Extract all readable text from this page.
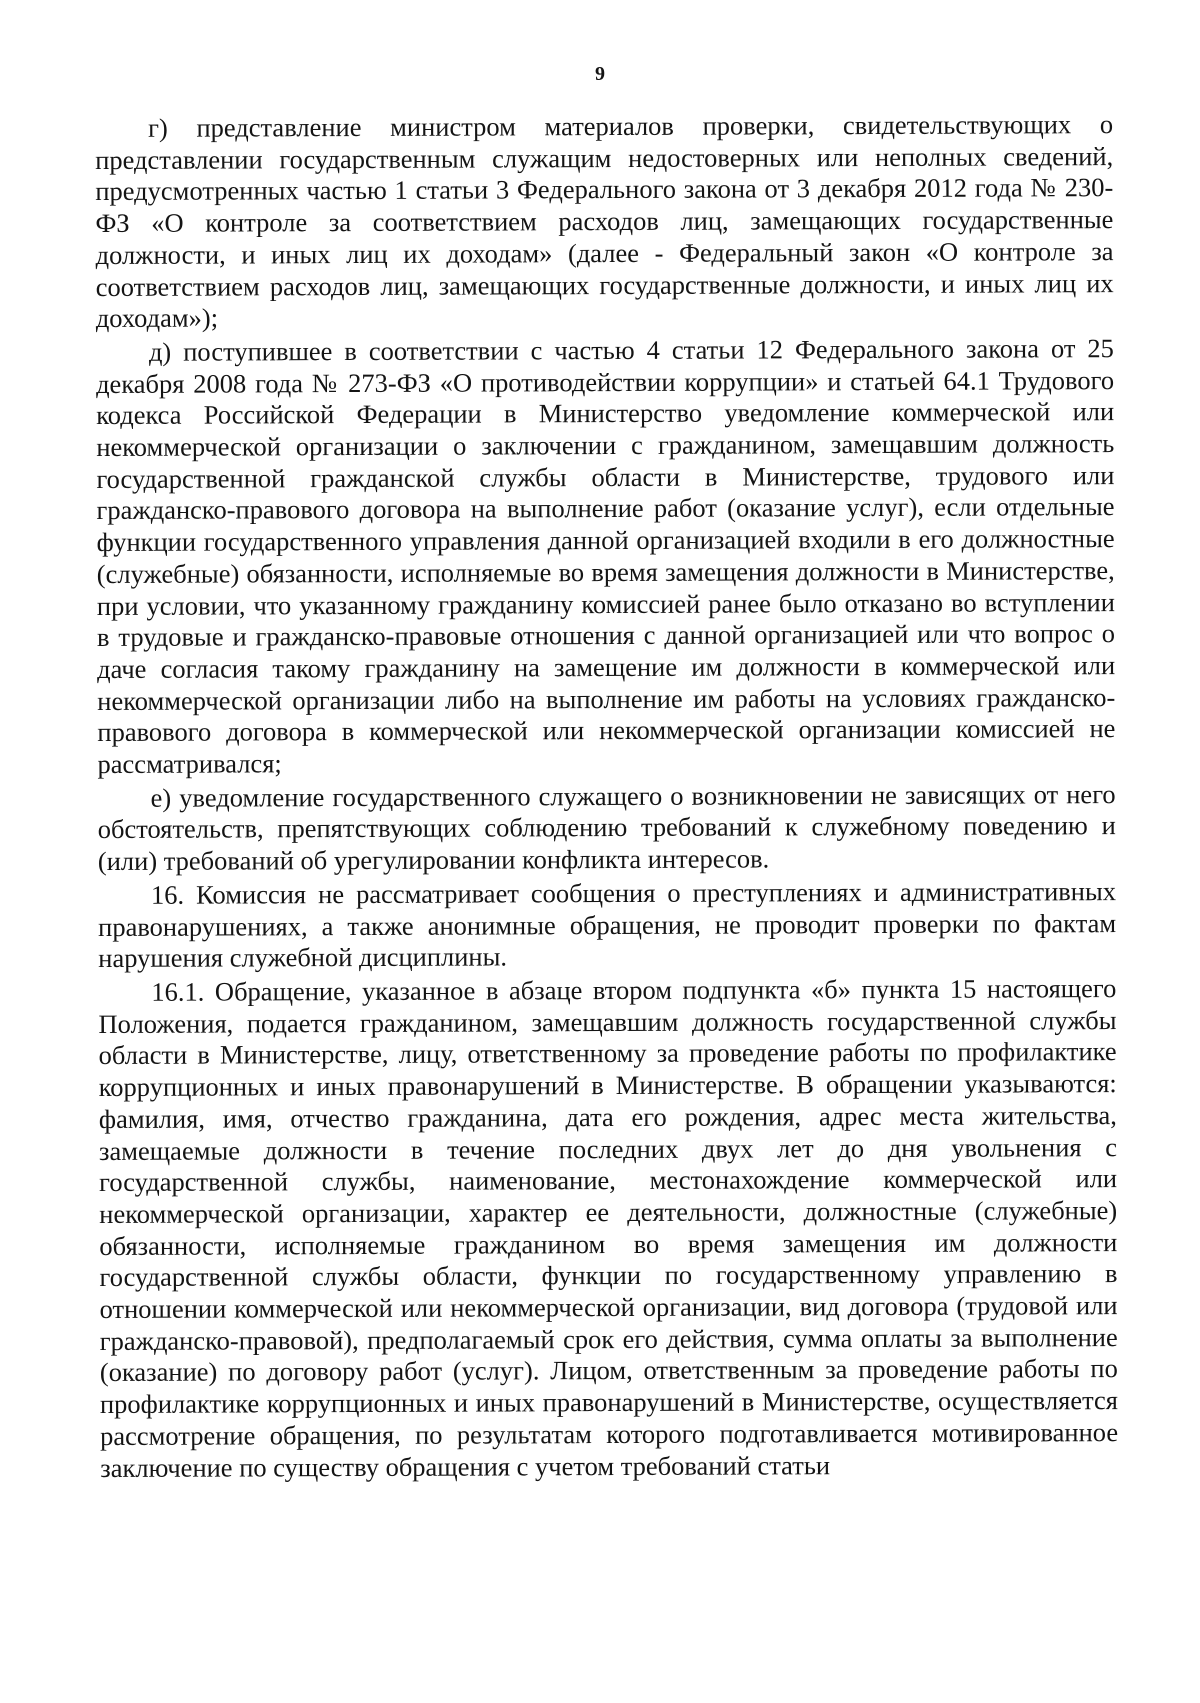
9

г) представление министром материалов проверки, свидетельствующих о представлении государственным служащим недостоверных или неполных сведений, предусмотренных частью 1 статьи 3 Федерального закона от 3 декабря 2012 года № 230-ФЗ «О контроле за соответствием расходов лиц, замещающих государственные должности, и иных лиц их доходам» (далее - Федеральный закон «О контроле за соответствием расходов лиц, замещающих государственные должности, и иных лиц их доходам»);

д) поступившее в соответствии с частью 4 статьи 12 Федерального закона от 25 декабря 2008 года № 273-ФЗ «О противодействии коррупции» и статьей 64.1 Трудового кодекса Российской Федерации в Министерство уведомление коммерческой или некоммерческой организации о заключении с гражданином, замещавшим должность государственной гражданской службы области в Министерстве, трудового или гражданско-правового договора на выполнение работ (оказание услуг), если отдельные функции государственного управления данной организацией входили в его должностные (служебные) обязанности, исполняемые во время замещения должности в Министерстве, при условии, что указанному гражданину комиссией ранее было отказано во вступлении в трудовые и гражданско-правовые отношения с данной организацией или что вопрос о даче согласия такому гражданину на замещение им должности в коммерческой или некоммерческой организации либо на выполнение им работы на условиях гражданско-правового договора в коммерческой или некоммерческой организации комиссией не рассматривался;

е) уведомление государственного служащего о возникновении не зависящих от него обстоятельств, препятствующих соблюдению требований к служебному поведению и (или) требований об урегулировании конфликта интересов.

16. Комиссия не рассматривает сообщения о преступлениях и административных правонарушениях, а также анонимные обращения, не проводит проверки по фактам нарушения служебной дисциплины.

16.1. Обращение, указанное в абзаце втором подпункта «б» пункта 15 настоящего Положения, подается гражданином, замещавшим должность государственной службы области в Министерстве, лицу, ответственному за проведение работы по профилактике коррупционных и иных правонарушений в Министерстве. В обращении указываются: фамилия, имя, отчество гражданина, дата его рождения, адрес места жительства, замещаемые должности в течение последних двух лет до дня увольнения с государственной службы, наименование, местонахождение коммерческой или некоммерческой организации, характер ее деятельности, должностные (служебные) обязанности, исполняемые гражданином во время замещения им должности государственной службы области, функции по государственному управлению в отношении коммерческой или некоммерческой организации, вид договора (трудовой или гражданско-правовой), предполагаемый срок его действия, сумма оплаты за выполнение (оказание) по договору работ (услуг). Лицом, ответственным за проведение работы по профилактике коррупционных и иных правонарушений в Министерстве, осуществляется рассмотрение обращения, по результатам которого подготавливается мотивированное заключение по существу обращения с учетом требований статьи
